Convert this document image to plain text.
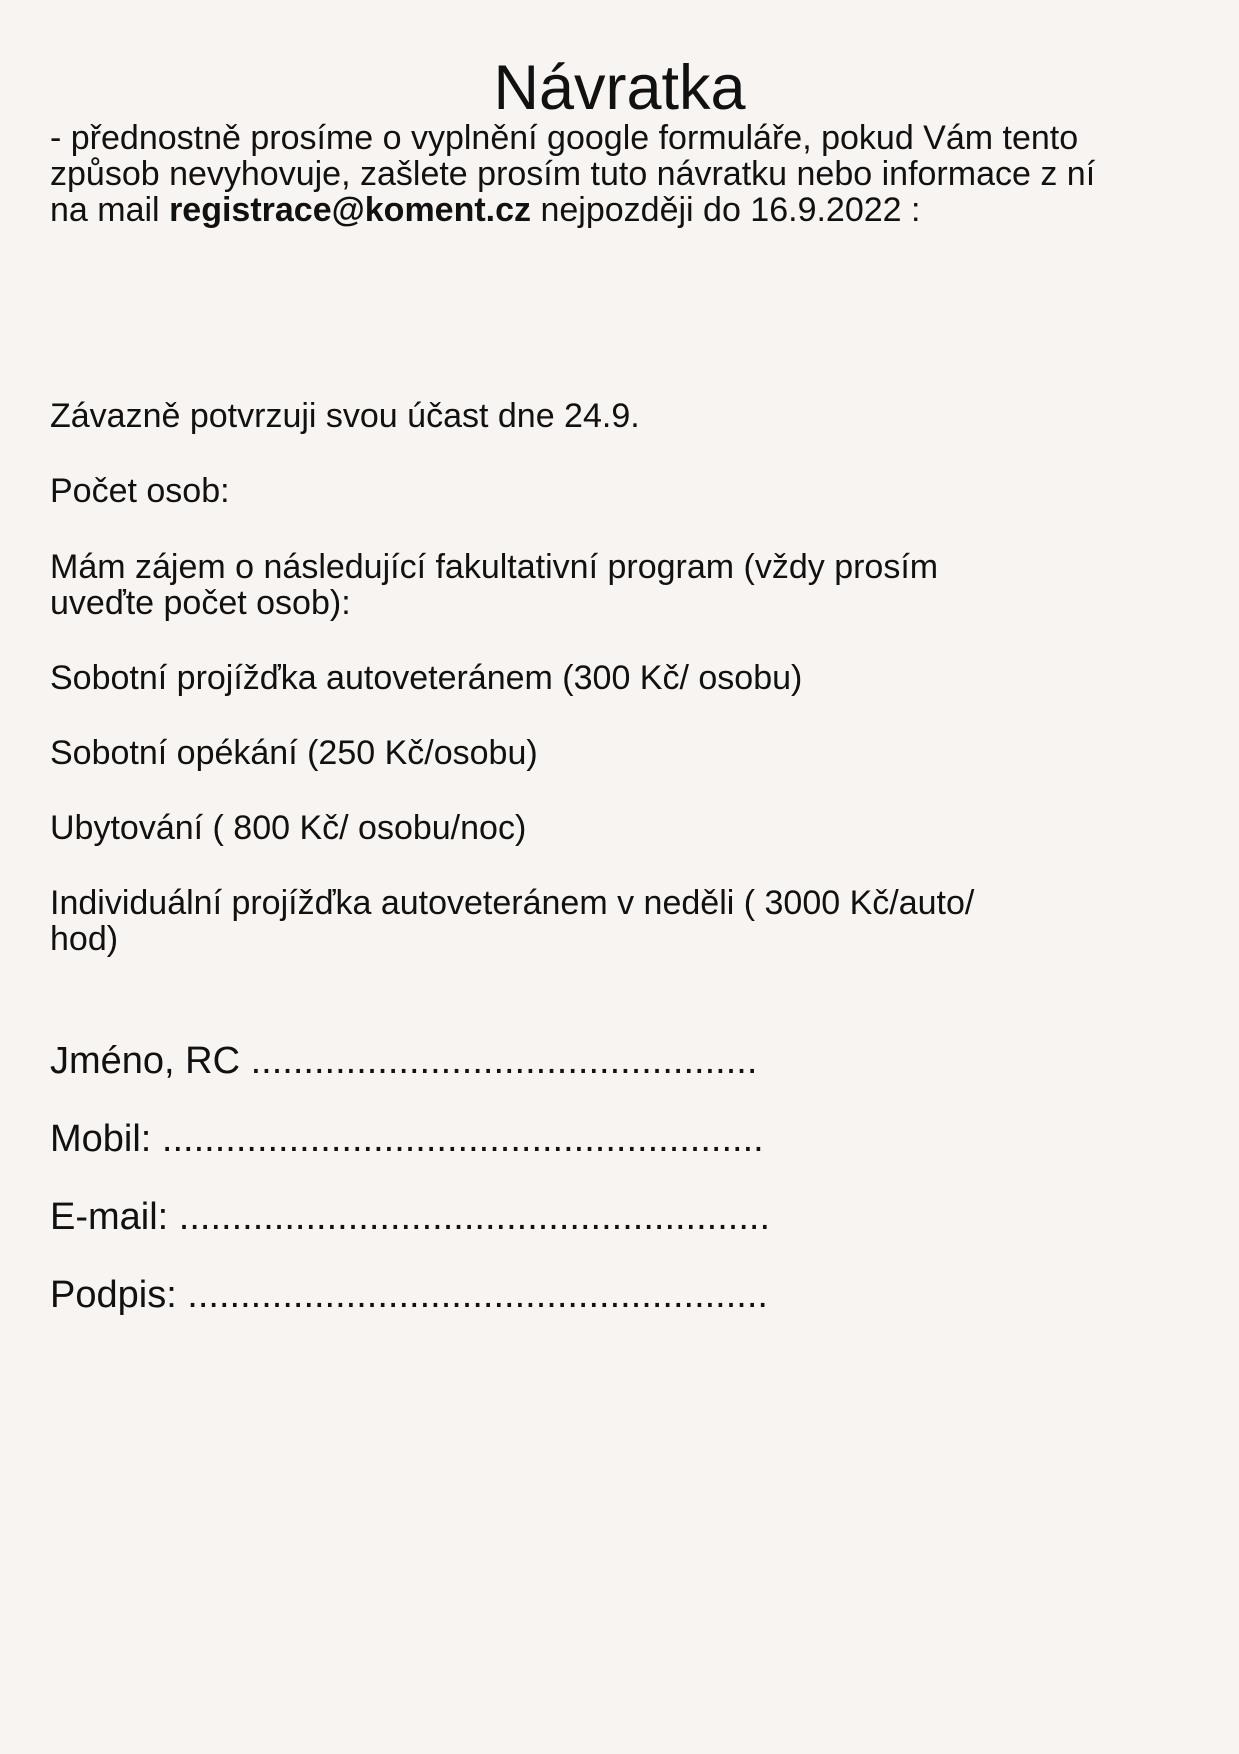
Návratka
- přednostně prosíme o vyplnění google formuláře, pokud Vám tento
způsob nevyhovuje, zašlete prosím tuto návratku nebo informace z ní
na mail registrace@koment.cz nejpozději do 16.9.2022 :

Závazně potvrzuji svou účast dne 24.9.

Počet osob:

Mám zájem o následující fakultativní program (vždy prosím
uveďte počet osob):

Sobotní projížďka autoveteránem (300 Kč/ osobu)

Sobotní opékání (250 Kč/osobu)

Ubytování ( 800 Kč/ osobu/noc)

Individuální projížďka autoveteránem v neděli ( 3000 Kč/auto/
hod)

Jméno, RC ................................................

Mobil: .........................................................

E-mail: ........................................................

Podpis: .......................................................
